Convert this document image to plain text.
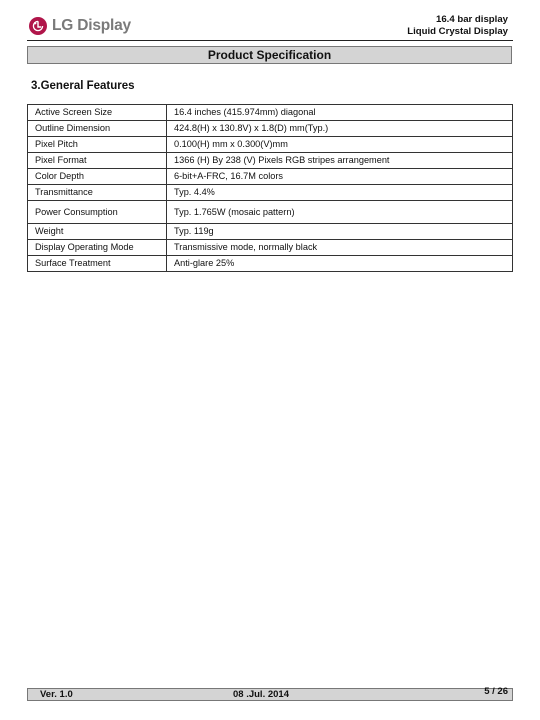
LG Display	16.4 bar display
Liquid Crystal Display
Product Specification
3.General Features
Active Screen Size	16.4 inches (415.974mm) diagonal
Outline Dimension	424.8(H) x 130.8V) x 1.8(D) mm(Typ.)
Pixel Pitch	0.100(H) mm x 0.300(V)mm
Pixel Format	1366 (H) By 238 (V) Pixels RGB stripes arrangement
Color Depth	6-bit+A-FRC, 16.7M colors
Transmittance	Typ. 4.4%
Power Consumption	Typ. 1.765W (mosaic pattern)
Weight	Typ. 119g
Display Operating Mode	Transmissive mode, normally black
Surface Treatment	Anti-glare 25%
Ver. 1.0	08 .Jul. 2014	5 / 26
